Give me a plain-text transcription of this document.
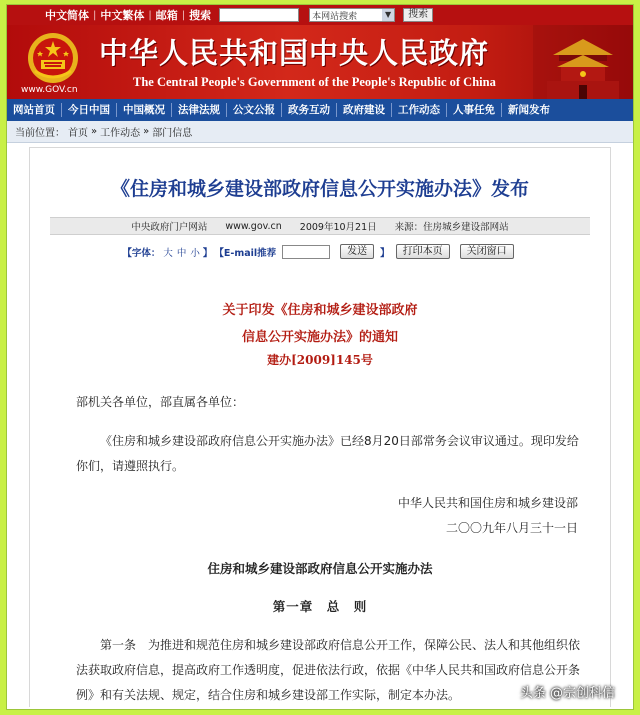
中文简体 | 中文繁体 | 邮箱 | 搜索	本网站搜索	▼	搜索
www.GOV.cn
中华人民共和国中央人民政府
The Central People's Government of the People's Republic of China
网站首页	今日中国	中国概况	法律法规	公文公报	政务互动	政府建设	工作动态	人事任免	新闻发布
当前位置： 首页 » 工作动态 » 部门信息
《住房和城乡建设部政府信息公开实施办法》发布
中央政府门户网站 www.gov.cn 2009年10月21日 来源：住房城乡建设部网站
【字体： 大 中 小 】 【E-mail推荐	发送	】	打印本页	关闭窗口
关于印发《住房和城乡建设部政府
信息公开实施办法》的通知
建办[2009]145号
部机关各单位，部直属各单位：
《住房和城乡建设部政府信息公开实施办法》已经8月20日部常务会议审议通过。现印发给你们，请遵照执行。
中华人民共和国住房和城乡建设部
二〇〇九年八月三十一日
住房和城乡建设部政府信息公开实施办法
第一章　总　则
第一条　为推进和规范住房和城乡建设部政府信息公开工作，保障公民、法人和其他组织依法获取政府信息，提高政府工作透明度，促进依法行政，依据《中华人民共和国政府信息公开条例》和有关法规、规定，结合住房和城乡建设部工作实际，制定本办法。	头条 @宗创科信
